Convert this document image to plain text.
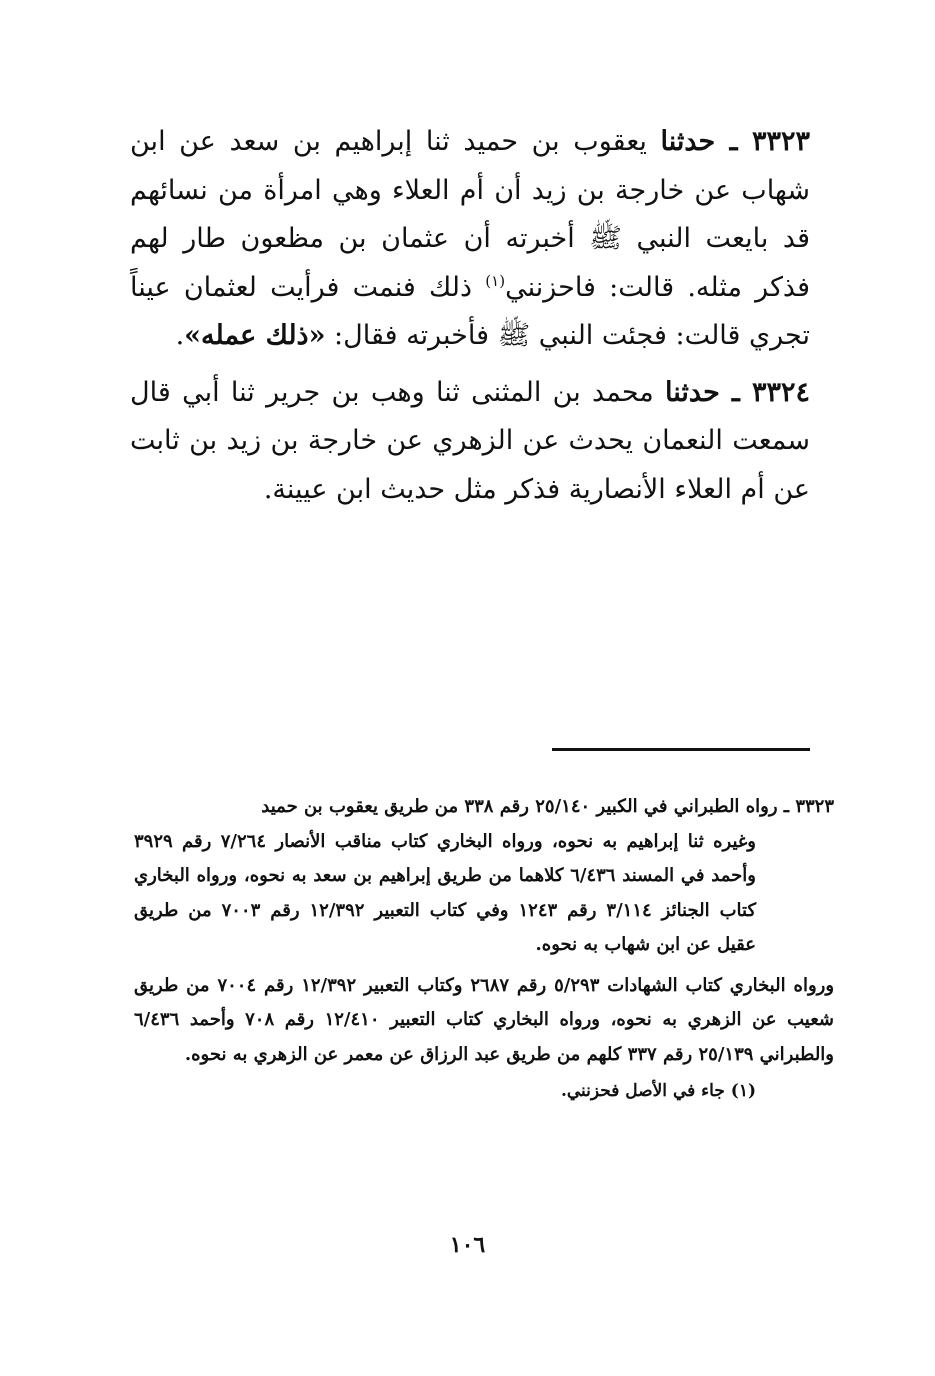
٣٣٢٣ ـ حدثنا يعقوب بن حميد ثنا إبراهيم بن سعد عن ابن شهاب عن خارجة بن زيد أن أم العلاء وهي امرأة من نسائهم قد بايعت النبي ﷺ أخبرته أن عثمان بن مظعون طار لهم فذكر مثله. قالت: فاحزنني$^{(١)}$ ذلك فنمت فرأيت لعثمان عيناً تجري قالت: فجئت النبي ﷺ فأخبرته فقال: «ذلك عمله».

٣٣٢٤ ـ حدثنا محمد بن المثنى ثنا وهب بن جرير ثنا أبي قال سمعت النعمان يحدث عن الزهري عن خارجة بن زيد بن ثابت عن أم العلاء الأنصارية فذكر مثل حديث ابن عيينة.

٣٣٢٣ ـ رواه الطبراني في الكبير ٢٥/١٤٠ رقم ٣٣٨ من طريق يعقوب بن حميد

وغيره ثنا إبراهيم به نحوه، ورواه البخاري كتاب مناقب الأنصار ٧/٢٦٤ رقم ٣٩٢٩ وأحمد في المسند ٦/٤٣٦ كلاهما من طريق إبراهيم بن سعد به نحوه، ورواه البخاري كتاب الجنائز ٣/١١٤ رقم ١٢٤٣ وفي كتاب التعبير ١٢/٣٩٢ رقم ٧٠٠٣ من طريق عقيل عن ابن شهاب به نحوه.

ورواه البخاري كتاب الشهادات ٥/٢٩٣ رقم ٢٦٨٧ وكتاب التعبير ١٢/٣٩٢ رقم ٧٠٠٤ من طريق شعيب عن الزهري به نحوه، ورواه البخاري كتاب التعبير ١٢/٤١٠ رقم ٧٠٨ وأحمد ٦/٤٣٦ والطبراني ٢٥/١٣٩ رقم ٣٣٧ كلهم من طريق عبد الرزاق عن معمر عن الزهري به نحوه.

(١) جاء في الأصل فحزنني.

١٠٦
